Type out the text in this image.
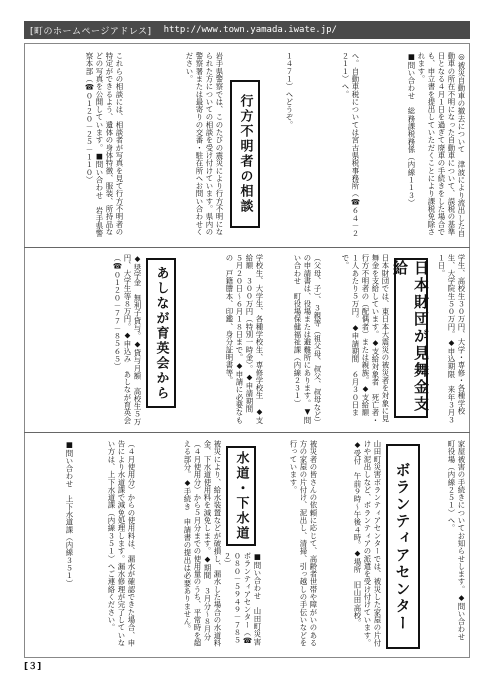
[町のホームページアドレス] http://www.town.yamada.iwate.jp/
◎被災自動車の撤去について　津波により流出した自動車の所在不明になった自動車について、誤税の基準日となる４月１日を過ぎて廃車の手続きをした場合でも、申立書を提出していただくことにより課税免除されます。
■問い合わせ　総務課税務係（内線１１３）
へ。自動車税については宮古県税事務所（☎６４－２２１１）へ。
１４７１）へどうぞ。
行方不明者の相談
岩手県警察では、このたびの震災により行方不明になられた方についての相談を受け付けています。県内の警察署または最寄りの交番・駐在所へお問い合わせください。
これらの相談には、相談者が写真を見て行方不明者の特定ができるよう、遺体の身体特徴、服装、所持品などの写真を公開しています。■問い合わせ　岩手県警察本部（☎０１２０－２５－１１０）
日本財団が見舞金支給
日本財団では、東日本大震災の被災者を対象に見舞金を支給しています。◆支給対象者　死亡者・行方不明者の（配偶者）または親族。◆支給額　１人あたり５万円。◆申請期間　６月３０日まで。
（父母、子）、３親等（祖父母、叔父、叔母など）の申請書は、役場または避難所にあります。▼問い合わせ　町役場保健福祉課（内線２３１）	学生、高校生３０万円、大学・専修・各種学校生、大学院生５０万円。◆申込期限　来年３月３１日。
あしなが育英会から	学校生、大学生、各種学校生、専修学校生　◆支給額　３００万円（特別一時金）。◆申請期間　５月２０日～６月１８日まで。◆申請に必要なもの　戸籍謄本、印鑑、身分証明書等。
◆奨学金　無利子貸与。◆貸与月額　高校生５万円、大学生等８万円。◆申込み　あしなが育英会（☎０１２０－７７－８５６５）
ボランティアセンター	家屋被害の手続きについてお知らせします。◆問い合わせ　町役場（内線２５１）へ。
山田町災害ボランティアセンターでは、被災した家屋の片付けや泥出しなど、ボランティアの派遣を受け付けています。◆受付　午前９時～午後４時。◆場所　旧山田高校。
被災者の皆さんの依頼に応じて、高齢者世帯や障がいのある方の家屋の片付け、泥出し、清掃、引っ越しの手伝いなどを行っています。
水道・下水道
■問い合わせ　山田町災害ボランティアセンター（☎０８０－５９４９－７８５２）
被災により、給水装置などが破損し、漏水した場合の水道料金、下水道使用料を減免します。◆期間　３月分～８月分（４月使用分）から５月分までの使用量のうち、平常時を超える部分。◆手続き　申請書の提出は必要ありません。
（４月使用分）からの使用料は、漏水が確認できた場合、申告により水道課で減免処理します。漏水修理が完了していない方は、上下水道課（内線３５１）へご連絡ください。
■問い合わせ　上下水道課（内線３５１）
[３]
